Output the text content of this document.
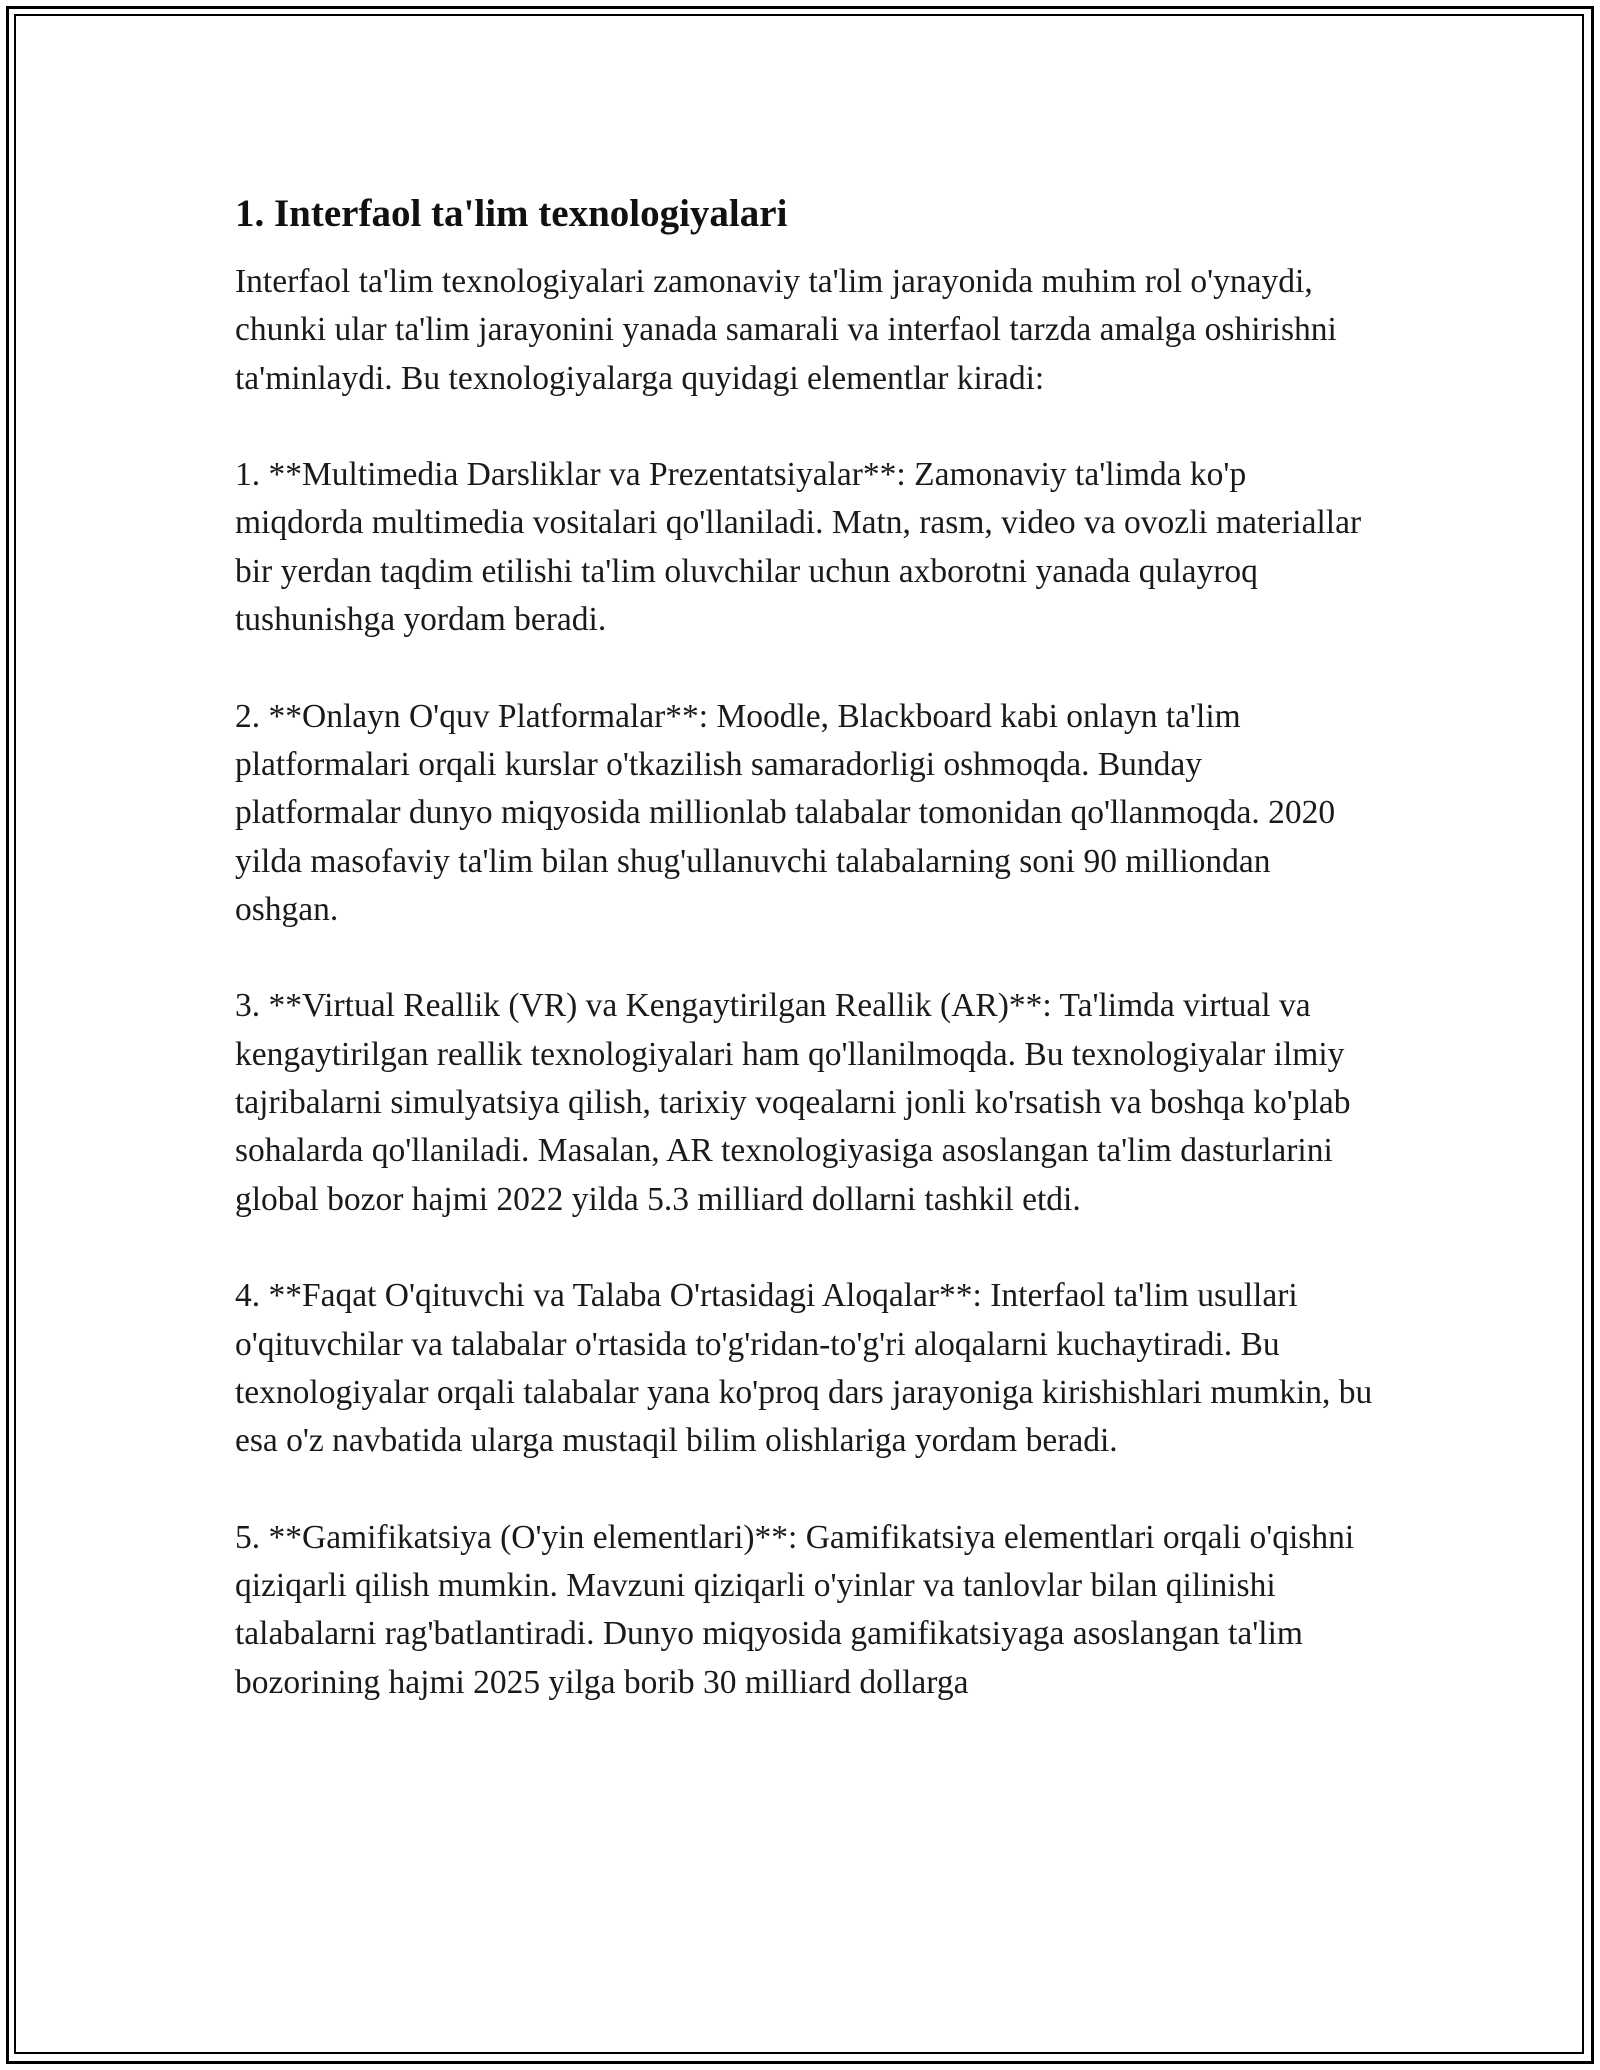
1. Interfaol ta'lim texnologiyalari

Interfaol ta'lim texnologiyalari zamonaviy ta'lim jarayonida muhim rol o'ynaydi, chunki ular ta'lim jarayonini yanada samarali va interfaol tarzda amalga oshirishni ta'minlaydi. Bu texnologiyalarga quyidagi elementlar kiradi:

1. **Multimedia Darsliklar va Prezentatsiyalar**: Zamonaviy ta'limda ko'p miqdorda multimedia vositalari qo'llaniladi. Matn, rasm, video va ovozli materiallar bir yerdan taqdim etilishi ta'lim oluvchilar uchun axborotni yanada qulayroq tushunishga yordam beradi.

2. **Onlayn O'quv Platformalar**: Moodle, Blackboard kabi onlayn ta'lim platformalari orqali kurslar o'tkazilish samaradorligi oshmoqda. Bunday platformalar dunyo miqyosida millionlab talabalar tomonidan qo'llanmoqda. 2020 yilda masofaviy ta'lim bilan shug'ullanuvchi talabalarning soni 90 milliondan oshgan.

3. **Virtual Reallik (VR) va Kengaytirilgan Reallik (AR)**: Ta'limda virtual va kengaytirilgan reallik texnologiyalari ham qo'llanilmoqda. Bu texnologiyalar ilmiy tajribalarni simulyatsiya qilish, tarixiy voqealarni jonli ko'rsatish va boshqa ko'plab sohalarda qo'llaniladi. Masalan, AR texnologiyasiga asoslangan ta'lim dasturlarini global bozor hajmi 2022 yilda 5.3 milliard dollarni tashkil etdi.

4. **Faqat O'qituvchi va Talaba O'rtasidagi Aloqalar**: Interfaol ta'lim usullari o'qituvchilar va talabalar o'rtasida to'g'ridan-to'g'ri aloqalarni kuchaytiradi. Bu texnologiyalar orqali talabalar yana ko'proq dars jarayoniga kirishishlari mumkin, bu esa o'z navbatida ularga mustaqil bilim olishlariga yordam beradi.

5. **Gamifikatsiya (O'yin elementlari)**: Gamifikatsiya elementlari orqali o'qishni qiziqarli qilish mumkin. Mavzuni qiziqarli o'yinlar va tanlovlar bilan qilinishi talabalarni rag'batlantiradi. Dunyo miqyosida gamifikatsiyaga asoslangan ta'lim bozorining hajmi 2025 yilga borib 30 milliard dollarga
